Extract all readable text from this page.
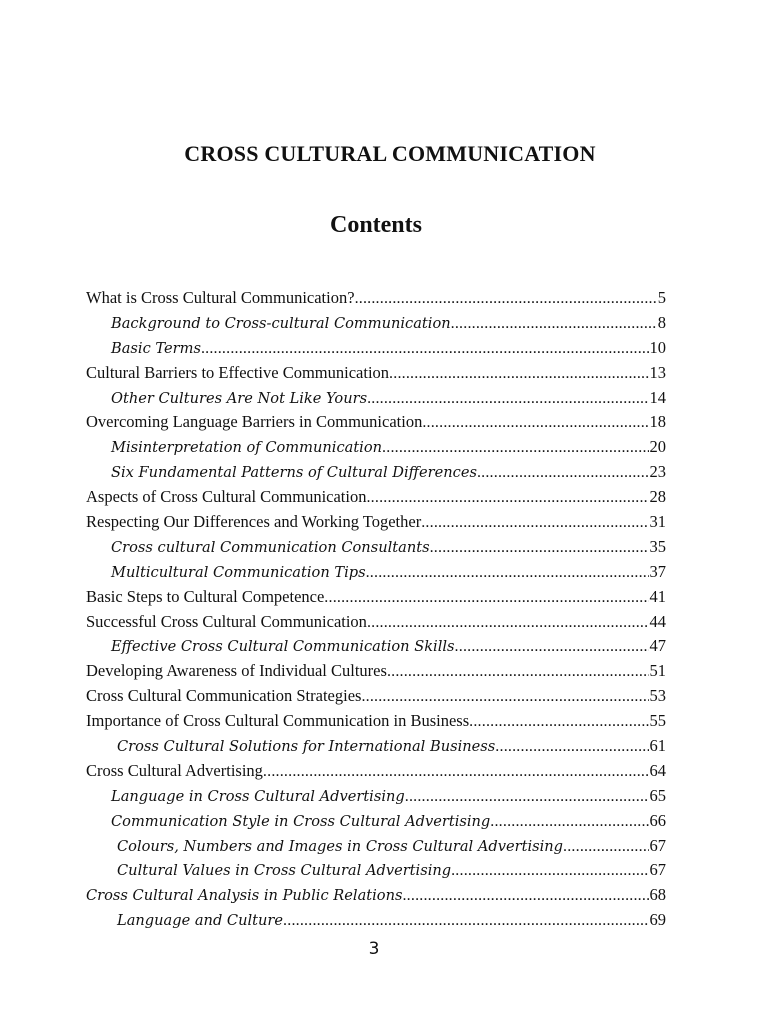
CROSS CULTURAL COMMUNICATION
Contents
What is Cross Cultural Communication? .....	5
Background to Cross-cultural Communication .....	8
Basic Terms .....	10
Cultural Barriers to Effective Communication .....	13
Other Cultures Are Not Like Yours .....	14
Overcoming Language Barriers in Communication .....	18
Misinterpretation of Communication .....	20
Six Fundamental Patterns of Cultural Differences .....	23
Aspects of Cross Cultural Communication .....	28
Respecting Our Differences and Working Together .....	31
Cross cultural Communication Consultants .....	35
Multicultural Communication Tips .....	37
Basic Steps to Cultural Competence .....	41
Successful Cross Cultural Communication .....	44
Effective Cross Cultural Communication Skills .....	47
Developing Awareness of Individual Cultures .....	51
Cross Cultural Communication Strategies .....	53
Importance of Cross Cultural Communication in Business .....	55
Cross Cultural Solutions for International Business .....	61
Cross Cultural Advertising .....	64
Language in Cross Cultural Advertising .....	65
Communication Style in Cross Cultural Advertising .....	66
Colours, Numbers and Images in Cross Cultural Advertising .....	67
Cultural Values in Cross Cultural Advertising .....	67
Cross Cultural Analysis in Public Relations .....	68
Language and Culture .....	69

3
